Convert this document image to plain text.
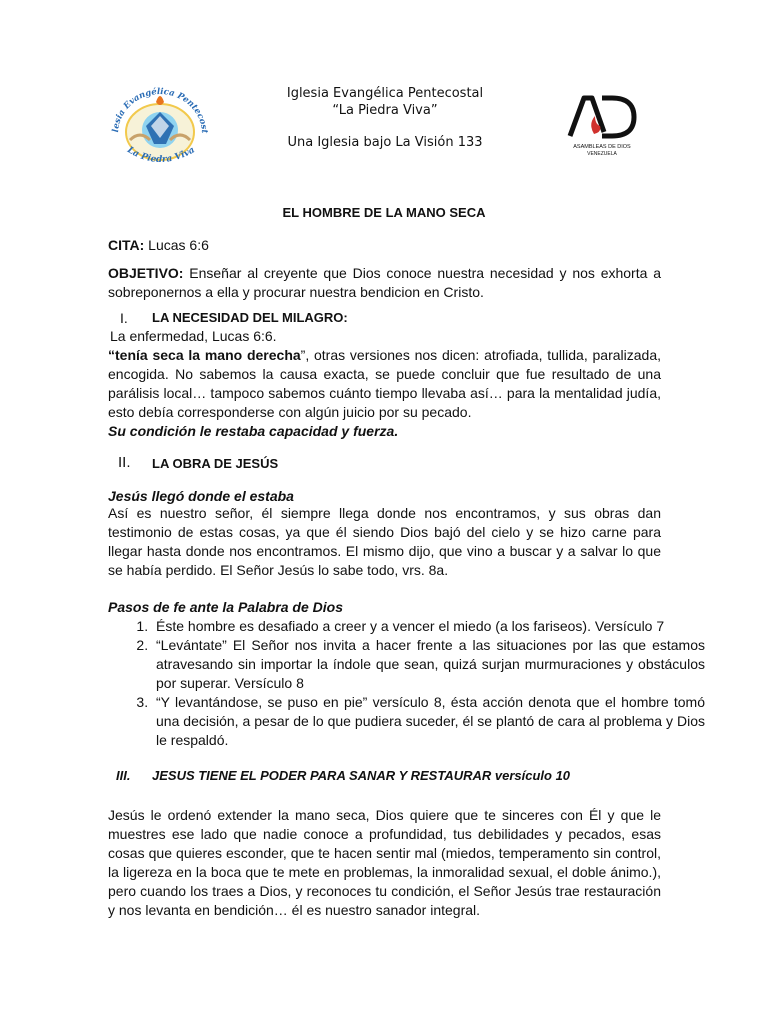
lesia Evangélica Pentecost
La Piedra Viva
Iglesia Evangélica Pentecostal
“La Piedra Viva”
Una Iglesia bajo La Visión 133	ASAMBLEAS DE DIOS
VENEZUELA
EL HOMBRE DE LA MANO SECA
CITA: Lucas 6:6
OBJETIVO: Enseñar al creyente que Dios conoce nuestra necesidad y nos exhorta a sobreponernos a ella y procurar nuestra bendicion en Cristo.
I. LA NECESIDAD DEL MILAGRO:
La enfermedad, Lucas 6:6.
“tenía seca la mano derecha”, otras versiones nos dicen: atrofiada, tullida, paralizada, encogida. No sabemos la causa exacta, se puede concluir que fue resultado de una parálisis local… tampoco sabemos cuánto tiempo llevaba así… para la mentalidad judía, esto debía corresponderse con algún juicio por su pecado.
Su condición le restaba capacidad y fuerza.
II. LA OBRA DE JESÚS
Jesús llegó donde el estaba
Así es nuestro señor, él siempre llega donde nos encontramos, y sus obras dan testimonio de estas cosas, ya que él siendo Dios bajó del cielo y se hizo carne para llegar hasta donde nos encontramos. El mismo dijo, que vino a buscar y a salvar lo que se había perdido. El Señor Jesús lo sabe todo, vrs. 8a.
Pasos de fe ante la Palabra de Dios
1. Éste hombre es desafiado a creer y a vencer el miedo (a los fariseos). Versículo 7
2. “Levántate” El Señor nos invita a hacer frente a las situaciones por las que estamos atravesando sin importar la índole que sean, quizá surjan murmuraciones y obstáculos por superar. Versículo 8
3. “Y levantándose, se puso en pie” versículo 8, ésta acción denota que el hombre tomó una decisión, a pesar de lo que pudiera suceder, él se plantó de cara al problema y Dios le respaldó.
III. JESUS TIENE EL PODER PARA SANAR Y RESTAURAR versículo 10
Jesús le ordenó extender la mano seca, Dios quiere que te sinceres con Él y que le muestres ese lado que nadie conoce a profundidad, tus debilidades y pecados, esas cosas que quieres esconder, que te hacen sentir mal (miedos, temperamento sin control, la ligereza en la boca que te mete en problemas, la inmoralidad sexual, el doble ánimo.), pero cuando los traes a Dios, y reconoces tu condición, el Señor Jesús trae restauración y nos levanta en bendición… él es nuestro sanador integral.
